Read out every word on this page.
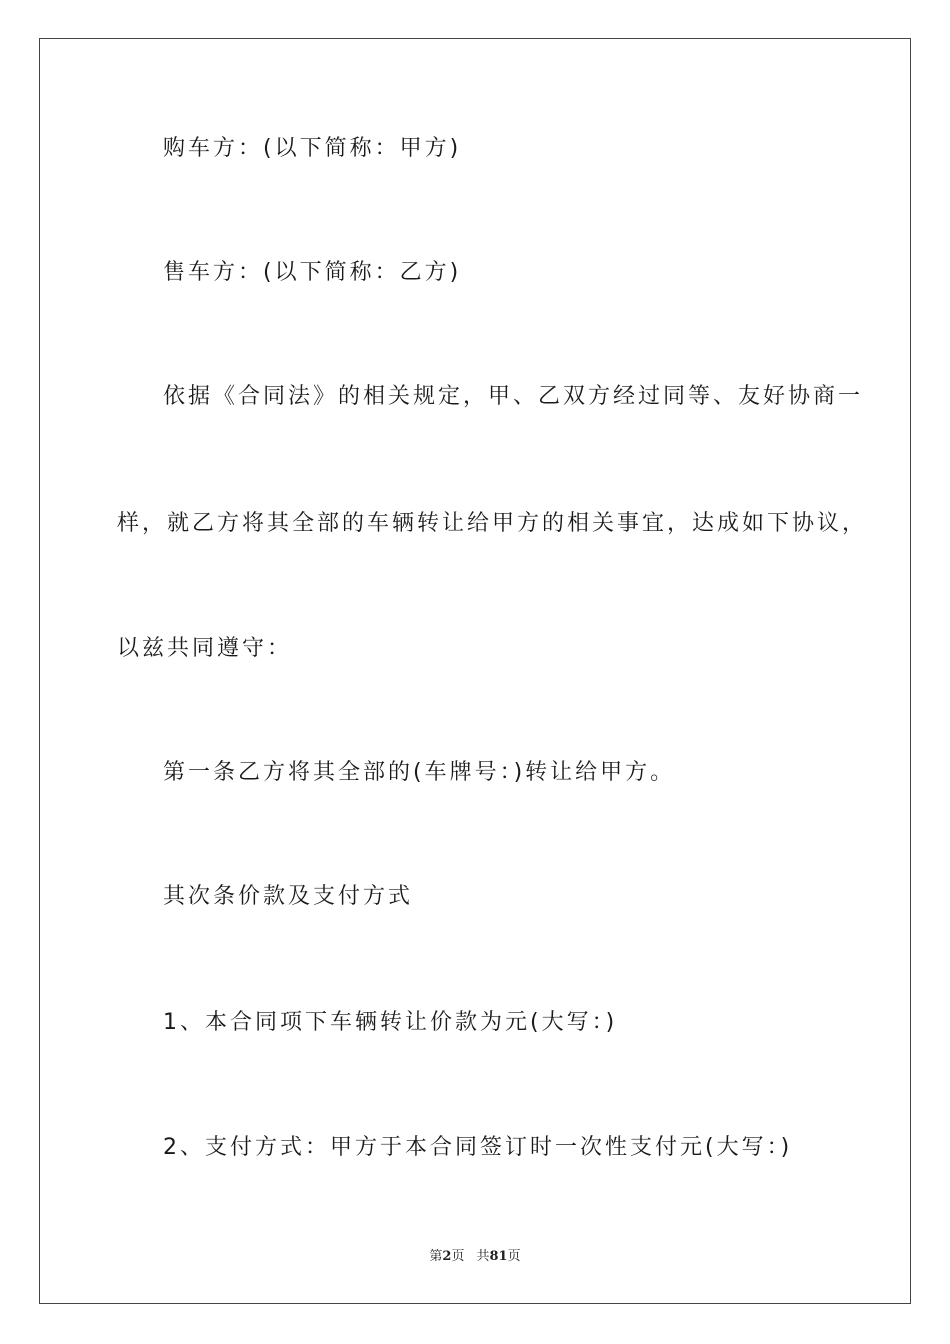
购车方：(以下简称：甲方)
售车方：(以下简称：乙方)
依据《合同法》的相关规定，甲、乙双方经过同等、友好协商一
样，就乙方将其全部的车辆转让给甲方的相关事宜，达成如下协议，
以兹共同遵守：
第一条乙方将其全部的(车牌号：)转让给甲方。
其次条价款及支付方式
1、本合同项下车辆转让价款为元(大写：)
2、支付方式：甲方于本合同签订时一次性支付元(大写：)
第2页 共81页
